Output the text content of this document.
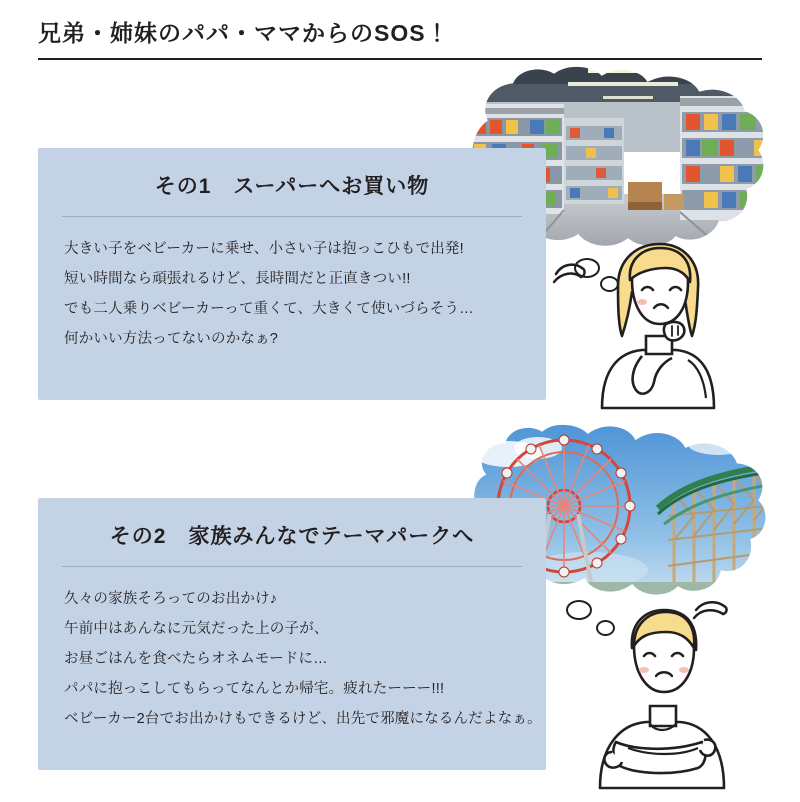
兄弟・姉妹のパパ・ママからのSOS！
その1　スーパーへお買い物
大きい子をベビーカーに乗せ、小さい子は抱っこひもで出発!
短い時間なら頑張れるけど、長時間だと正直きつい!!
でも二人乗りベビーカーって重くて、大きくて使いづらそう…
何かいい方法ってないのかなぁ?
その2　家族みんなでテーマパークへ
久々の家族そろってのお出かけ♪
午前中はあんなに元気だった上の子が、
お昼ごはんを食べたらオネムモードに…
パパに抱っこしてもらってなんとか帰宅。疲れたーーー!!!
ベビーカー2台でお出かけもできるけど、出先で邪魔になるんだよなぁ。
